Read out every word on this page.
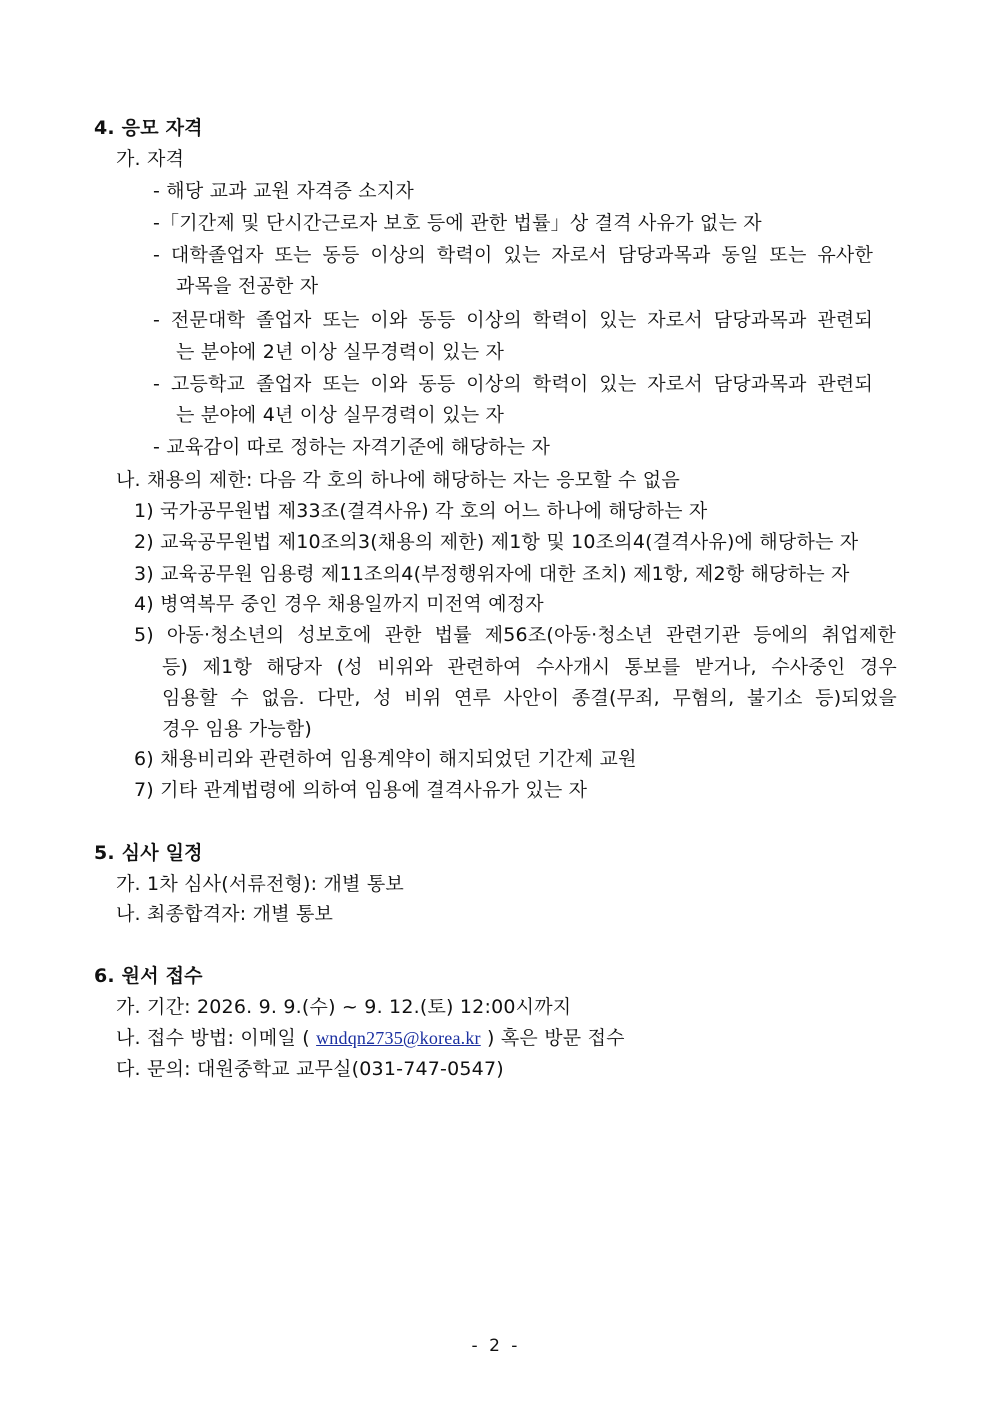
4. 응모 자격
가. 자격
- 해당 교과 교원 자격증 소지자
-「기간제 및 단시간근로자 보호 등에 관한 법률」상 결격 사유가 없는 자
- 대학졸업자 또는 동등 이상의 학력이 있는 자로서 담당과목과 동일 또는 유사한
과목을 전공한 자
- 전문대학 졸업자 또는 이와 동등 이상의 학력이 있는 자로서 담당과목과 관련되
는 분야에 2년 이상 실무경력이 있는 자
- 고등학교 졸업자 또는 이와 동등 이상의 학력이 있는 자로서 담당과목과 관련되
는 분야에 4년 이상 실무경력이 있는 자
- 교육감이 따로 정하는 자격기준에 해당하는 자
나. 채용의 제한: 다음 각 호의 하나에 해당하는 자는 응모할 수 없음
1) 국가공무원법 제33조(결격사유) 각 호의 어느 하나에 해당하는 자
2) 교육공무원법 제10조의3(채용의 제한) 제1항 및 10조의4(결격사유)에 해당하는 자
3) 교육공무원 임용령 제11조의4(부정행위자에 대한 조치) 제1항, 제2항 해당하는 자
4) 병역복무 중인 경우 채용일까지 미전역 예정자
5) 아동·청소년의 성보호에 관한 법률 제56조(아동·청소년 관련기관 등에의 취업제한
등) 제1항 해당자 (성 비위와 관련하여 수사개시 통보를 받거나, 수사중인 경우
임용할 수 없음. 다만, 성 비위 연루 사안이 종결(무죄, 무혐의, 불기소 등)되었을
경우 임용 가능함)
6) 채용비리와 관련하여 임용계약이 해지되었던 기간제 교원
7) 기타 관계법령에 의하여 임용에 결격사유가 있는 자
5. 심사 일정
가. 1차 심사(서류전형): 개별 통보
나. 최종합격자: 개별 통보
6. 원서 접수
가. 기간: 2026. 9. 9.(수) ~ 9. 12.(토) 12:00시까지
나. 접수 방법: 이메일 ( wndqn2735@korea.kr ) 혹은 방문 접수
다. 문의: 대원중학교 교무실(031-747-0547)
- 2 -
